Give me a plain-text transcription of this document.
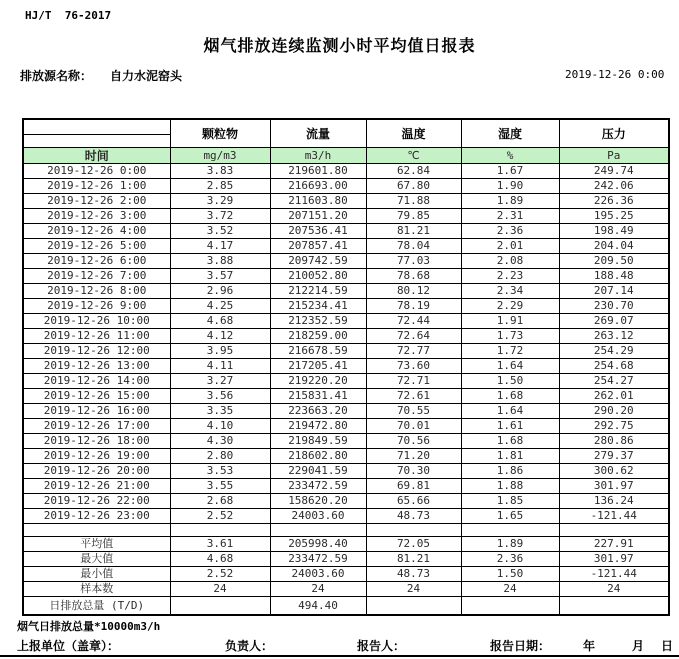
HJ/T  76-2017
烟气排放连续监测小时平均值日报表
排放源名称： 自力水泥窑头	2019-12-26 0:00
	颗粒物	流量	温度	湿度	压力

时间	mg/m3	m3/h	℃	%	Pa
2019-12-26 0:00	3.83	219601.80	62.84	1.67	249.74
2019-12-26 1:00	2.85	216693.00	67.80	1.90	242.06
2019-12-26 2:00	3.29	211603.80	71.88	1.89	226.36
2019-12-26 3:00	3.72	207151.20	79.85	2.31	195.25
2019-12-26 4:00	3.52	207536.41	81.21	2.36	198.49
2019-12-26 5:00	4.17	207857.41	78.04	2.01	204.04
2019-12-26 6:00	3.88	209742.59	77.03	2.08	209.50
2019-12-26 7:00	3.57	210052.80	78.68	2.23	188.48
2019-12-26 8:00	2.96	212214.59	80.12	2.34	207.14
2019-12-26 9:00	4.25	215234.41	78.19	2.29	230.70
2019-12-26 10:00	4.68	212352.59	72.44	1.91	269.07
2019-12-26 11:00	4.12	218259.00	72.64	1.73	263.12
2019-12-26 12:00	3.95	216678.59	72.77	1.72	254.29
2019-12-26 13:00	4.11	217205.41	73.60	1.64	254.68
2019-12-26 14:00	3.27	219220.20	72.71	1.50	254.27
2019-12-26 15:00	3.56	215831.41	72.61	1.68	262.01
2019-12-26 16:00	3.35	223663.20	70.55	1.64	290.20
2019-12-26 17:00	4.10	219472.80	70.01	1.61	292.75
2019-12-26 18:00	4.30	219849.59	70.56	1.68	280.86
2019-12-26 19:00	2.80	218602.80	71.20	1.81	279.37
2019-12-26 20:00	3.53	229041.59	70.30	1.86	300.62
2019-12-26 21:00	3.55	233472.59	69.81	1.88	301.97
2019-12-26 22:00	2.68	158620.20	65.66	1.85	136.24
2019-12-26 23:00	2.52	24003.60	48.73	1.65	-121.44

平均值	3.61	205998.40	72.05	1.89	227.91
最大值	4.68	233472.59	81.21	2.36	301.97
最小值	2.52	24003.60	48.73	1.50	-121.44
样本数	24	24	24	24	24
日排放总量 (T/D)		494.40			
烟气日排放总量*10000m3/h
上报单位（盖章）：	负责人：	报告人：	报告日期：	年	月 日
